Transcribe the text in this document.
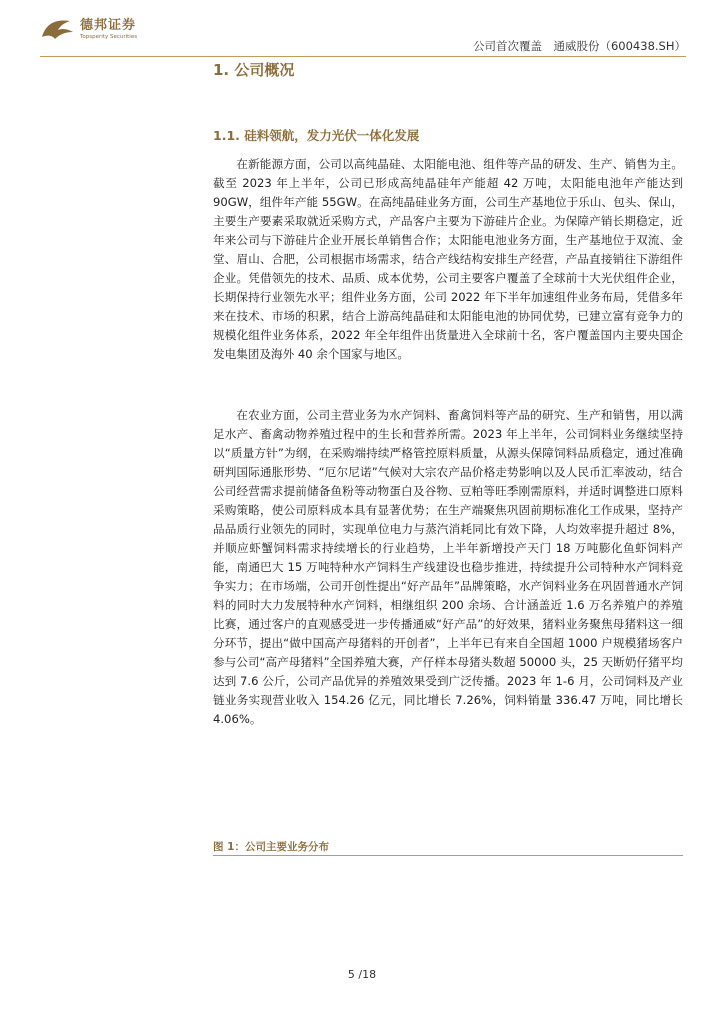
德邦证券
Topsperity Securities
公司首次覆盖　通威股份（600438.SH）
1. 公司概况
1.1. 硅料领航，发力光伏一体化发展

在新能源方面，公司以高纯晶硅、太阳能电池、组件等产品的研发、生产、销售为主。截至 2023 年上半年，公司已形成高纯晶硅年产能超 42 万吨，太阳能电池年产能达到 90GW，组件年产能 55GW。在高纯晶硅业务方面，公司生产基地位于乐山、包头、保山，主要生产要素采取就近采购方式，产品客户主要为下游硅片企业。为保障产销长期稳定，近年来公司与下游硅片企业开展长单销售合作；太阳能电池业务方面，生产基地位于双流、金堂、眉山、合肥，公司根据市场需求，结合产线结构安排生产经营，产品直接销往下游组件企业。凭借领先的技术、品质、成本优势，公司主要客户覆盖了全球前十大光伏组件企业，长期保持行业领先水平；组件业务方面，公司 2022 年下半年加速组件业务布局，凭借多年来在技术、市场的积累，结合上游高纯晶硅和太阳能电池的协同优势，已建立富有竞争力的规模化组件业务体系，2022 年全年组件出货量进入全球前十名，客户覆盖国内主要央国企发电集团及海外 40 余个国家与地区。

在农业方面，公司主营业务为水产饲料、畜禽饲料等产品的研究、生产和销售，用以满足水产、畜禽动物养殖过程中的生长和营养所需。2023 年上半年，公司饲料业务继续坚持以“质量方针”为纲，在采购端持续严格管控原料质量，从源头保障饲料品质稳定，通过准确研判国际通胀形势、“厄尔尼诺”气候对大宗农产品价格走势影响以及人民币汇率波动，结合公司经营需求提前储备鱼粉等动物蛋白及谷物、豆粕等旺季刚需原料，并适时调整进口原料采购策略，使公司原料成本具有显著优势；在生产端聚焦巩固前期标准化工作成果，坚持产品品质行业领先的同时，实现单位电力与蒸汽消耗同比有效下降，人均效率提升超过 8%，并顺应虾蟹饲料需求持续增长的行业趋势，上半年新增投产天门 18 万吨膨化鱼虾饲料产能，南通巴大 15 万吨特种水产饲料生产线建设也稳步推进，持续提升公司特种水产饲料竞争实力；在市场端，公司开创性提出“好产品年”品牌策略，水产饲料业务在巩固普通水产饲料的同时大力发展特种水产饲料，相继组织 200 余场、合计涵盖近 1.6 万名养殖户的养殖比赛，通过客户的直观感受进一步传播通威“好产品”的好效果，猪料业务聚焦母猪料这一细分环节，提出“做中国高产母猪料的开创者”，上半年已有来自全国超 1000 户规模猪场客户参与公司“高产母猪料”全国养殖大赛，产仔样本母猪头数超 50000 头，25 天断奶仔猪平均达到 7.6 公斤，公司产品优异的养殖效果受到广泛传播。2023 年 1-6 月，公司饲料及产业链业务实现营业收入 154.26 亿元，同比增长 7.26%，饲料销量 336.47 万吨，同比增长 4.06%。

图 1：公司主要业务分布
5 /18
